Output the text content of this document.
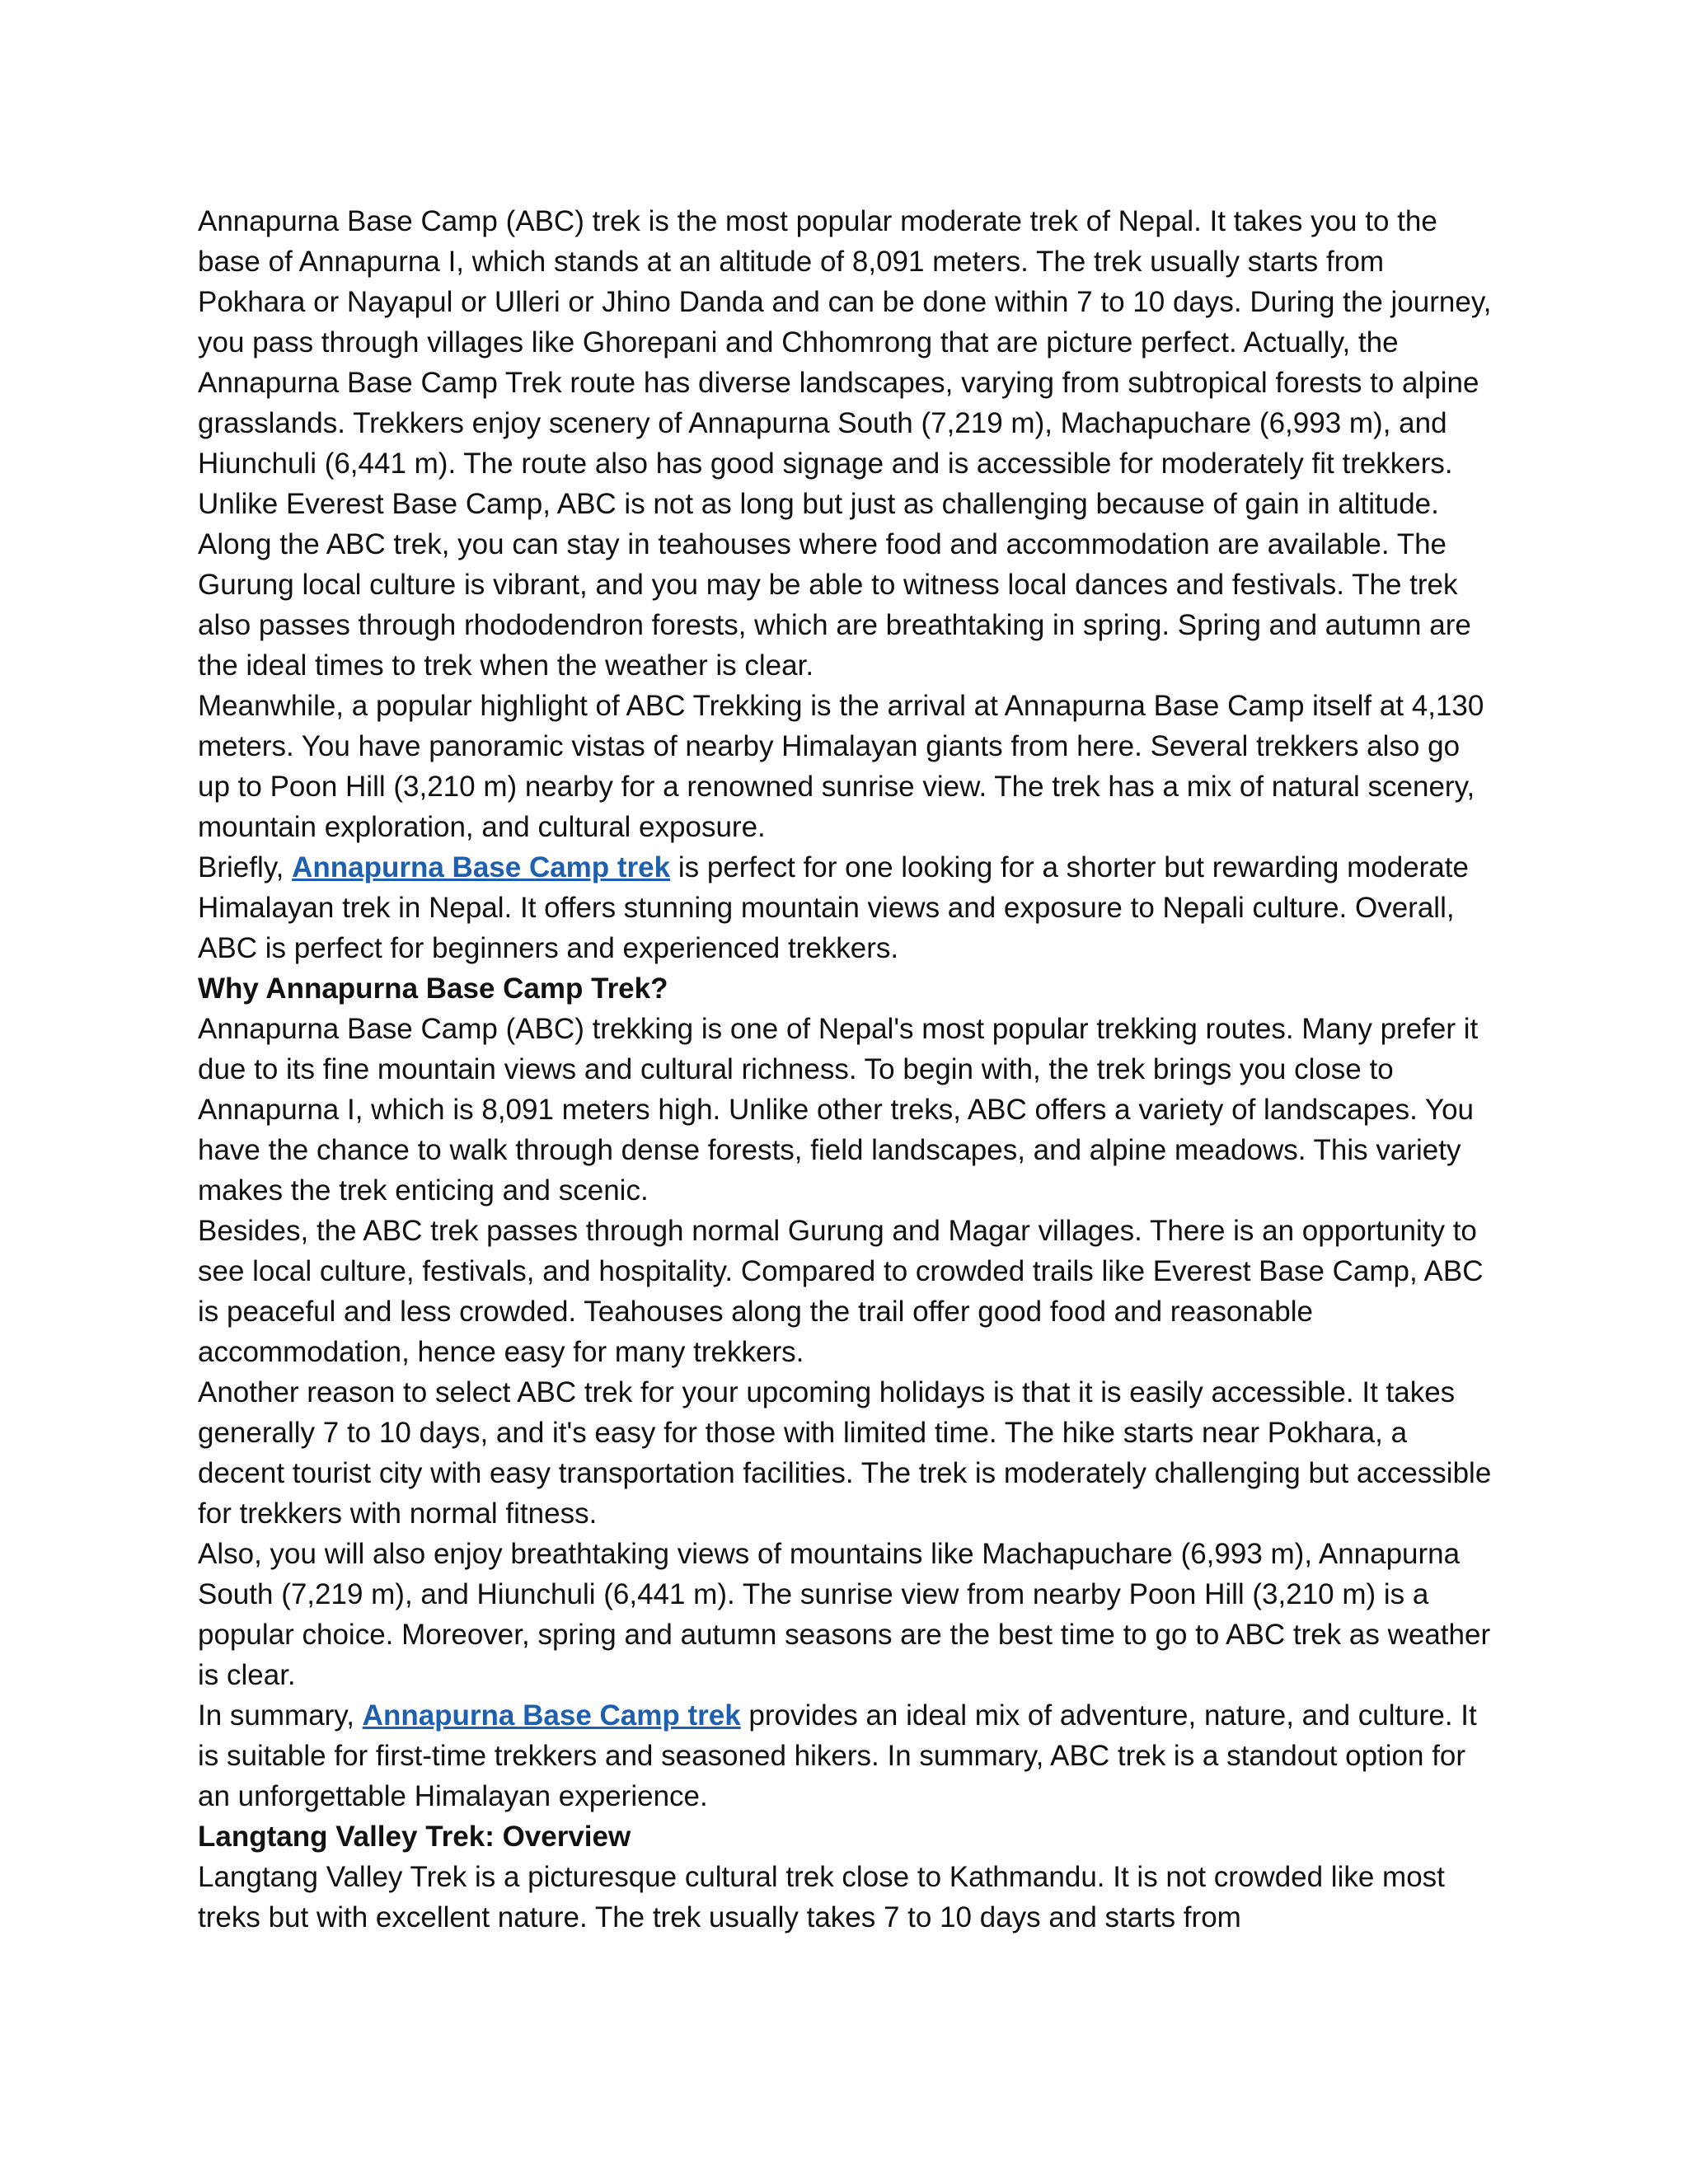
Annapurna Base Camp (ABC) trek is the most popular moderate trek of Nepal. It takes you to the base of Annapurna I, which stands at an altitude of 8,091 meters. The trek usually starts from Pokhara or Nayapul or Ulleri or Jhino Danda and can be done within 7 to 10 days. During the journey, you pass through villages like Ghorepani and Chhomrong that are picture perfect. Actually, the Annapurna Base Camp Trek route has diverse landscapes, varying from subtropical forests to alpine grasslands. Trekkers enjoy scenery of Annapurna South (7,219 m), Machapuchare (6,993 m), and Hiunchuli (6,441 m). The route also has good signage and is accessible for moderately fit trekkers. Unlike Everest Base Camp, ABC is not as long but just as challenging because of gain in altitude.

Along the ABC trek, you can stay in teahouses where food and accommodation are available. The Gurung local culture is vibrant, and you may be able to witness local dances and festivals. The trek also passes through rhododendron forests, which are breathtaking in spring. Spring and autumn are the ideal times to trek when the weather is clear.

Meanwhile, a popular highlight of ABC Trekking is the arrival at Annapurna Base Camp itself at 4,130 meters. You have panoramic vistas of nearby Himalayan giants from here. Several trekkers also go up to Poon Hill (3,210 m) nearby for a renowned sunrise view. The trek has a mix of natural scenery, mountain exploration, and cultural exposure.

Briefly, Annapurna Base Camp trek is perfect for one looking for a shorter but rewarding moderate Himalayan trek in Nepal. It offers stunning mountain views and exposure to Nepali culture. Overall, ABC is perfect for beginners and experienced trekkers.

Why Annapurna Base Camp Trek?

Annapurna Base Camp (ABC) trekking is one of Nepal's most popular trekking routes. Many prefer it due to its fine mountain views and cultural richness. To begin with, the trek brings you close to Annapurna I, which is 8,091 meters high. Unlike other treks, ABC offers a variety of landscapes. You have the chance to walk through dense forests, field landscapes, and alpine meadows. This variety makes the trek enticing and scenic.

Besides, the ABC trek passes through normal Gurung and Magar villages. There is an opportunity to see local culture, festivals, and hospitality. Compared to crowded trails like Everest Base Camp, ABC is peaceful and less crowded. Teahouses along the trail offer good food and reasonable accommodation, hence easy for many trekkers.

Another reason to select ABC trek for your upcoming holidays is that it is easily accessible. It takes generally 7 to 10 days, and it's easy for those with limited time. The hike starts near Pokhara, a decent tourist city with easy transportation facilities. The trek is moderately challenging but accessible for trekkers with normal fitness.

Also, you will also enjoy breathtaking views of mountains like Machapuchare (6,993 m), Annapurna South (7,219 m), and Hiunchuli (6,441 m). The sunrise view from nearby Poon Hill (3,210 m) is a popular choice. Moreover, spring and autumn seasons are the best time to go to ABC trek as weather is clear.

In summary, Annapurna Base Camp trek provides an ideal mix of adventure, nature, and culture. It is suitable for first-time trekkers and seasoned hikers. In summary, ABC trek is a standout option for an unforgettable Himalayan experience.

Langtang Valley Trek: Overview

Langtang Valley Trek is a picturesque cultural trek close to Kathmandu. It is not crowded like most treks but with excellent nature. The trek usually takes 7 to 10 days and starts from
